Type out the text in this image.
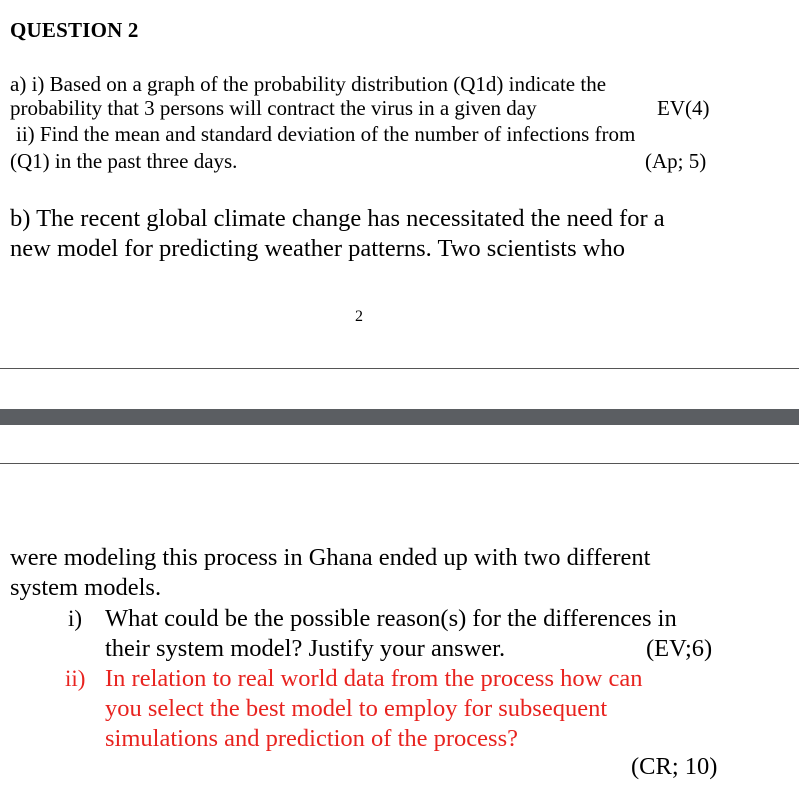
QUESTION 2
a) i) Based on a graph of the probability distribution (Q1d) indicate the
probability that 3 persons will contract the virus in a given day	EV(4)
ii) Find the mean and standard deviation of the number of infections from
(Q1) in the past three days.	(Ap; 5)
b) The recent global climate change has necessitated the need for a
new model for predicting weather patterns. Two scientists who
2
were modeling this process in Ghana ended up with two different
system models.
i) What could be the possible reason(s) for the differences in
their system model? Justify your answer.	(EV;6)
ii) In relation to real world data from the process how can
you select the best model to employ for subsequent
simulations and prediction of the process?
(CR; 10)
